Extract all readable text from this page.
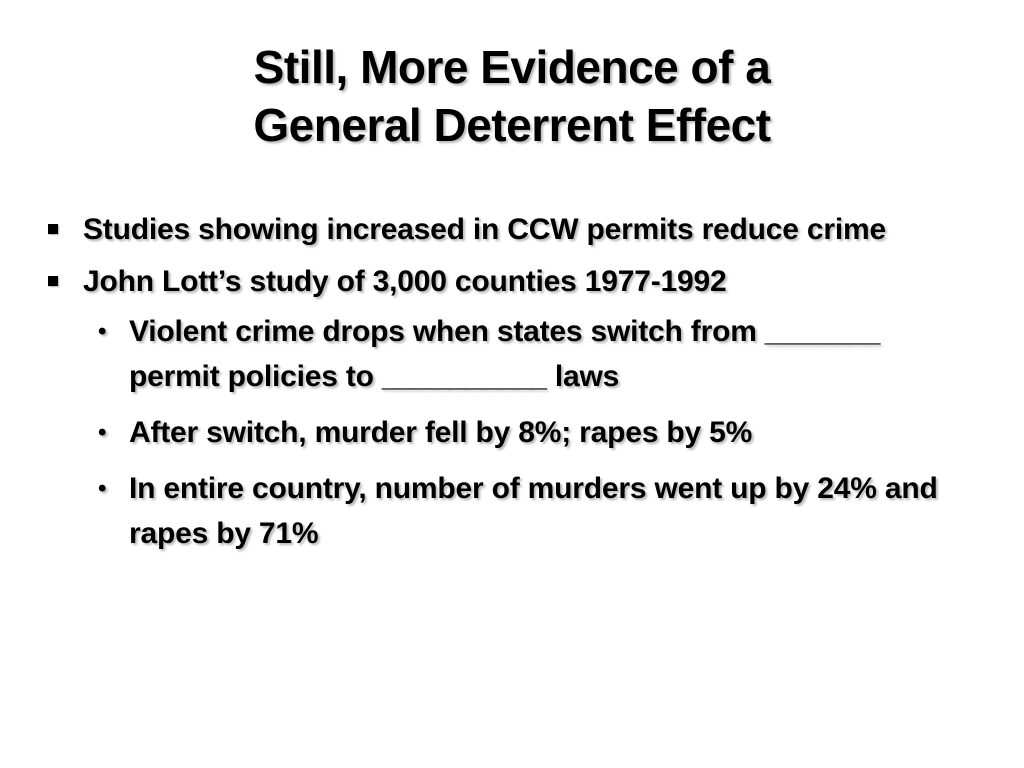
Still, More Evidence of a
General Deterrent Effect
Studies showing increased in CCW permits reduce crime
John Lott’s study of 3,000 counties 1977-1992
• Violent crime drops when states switch from _______ permit policies to __________ laws
• After switch, murder fell by 8%; rapes by 5%
• In entire country, number of murders went up by 24% and rapes by 71%
